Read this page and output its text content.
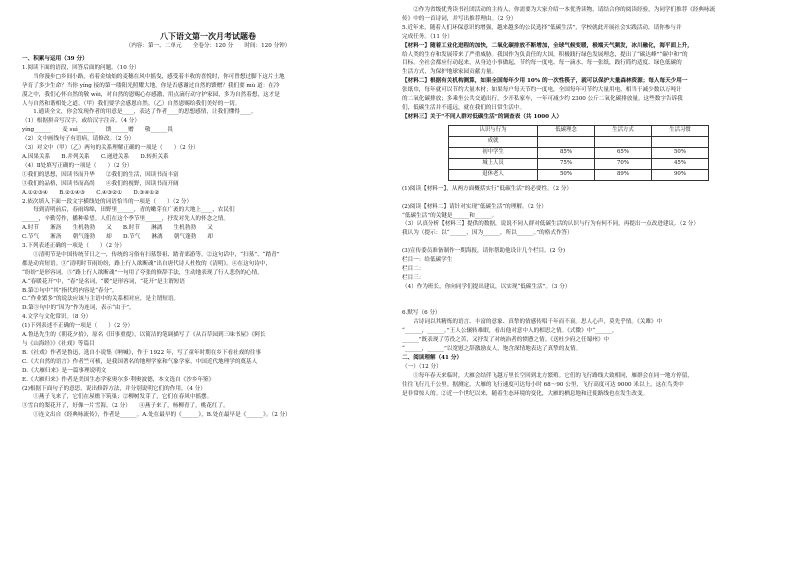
八下语文第一次月考试题卷
（内容：第一、二单元　　全卷分：120 分　　时间：120 分钟）
一、积累与运用（39 分）
1.阅读下面的语段，回答后面的问题。（10 分）
　　当你漫步□乡间小路，看着金灿灿的麦穗在风中摇曳，感受着丰收的喜悦时，你可曾想过脚下这片土地
孕育了多少生命？当你 yíng 接的第一缕阳光照耀大地，你是否感谢过自然的馈赠？我们要 mù 道：在冷
漠之中，我们心怀自然的敬 wèi，对自然的恩赐心存感激，用点滴行动守护家园，多为自然着想，这才是
人与自然和谐相处之道。（甲）我们要学会感恩自然。（乙）自然恩赐给我们美好的一切。
　　1.通读全文，你会发现作者的用意是____，表达了作者____的思想感情，让我们懂得____。
（1）根据拼音写汉字，或给汉字注音。（4 分）
yíng______　　麦 suì______　　馈______赠　　敬______畏
（2）文中画线句子有语病，请修改。（2 分）
（3）对文中（甲）（乙）两句的关系理解正确的一项是（　　）（2 分）
A.因果关系　　B.并列关系　　C.递进关系　　D.转折关系
（4）Ⅱ处填写正确的一项是（　　）（2 分）
①我们的思想，因读书而升华　　②我们的生活，因读书而丰富
③我们的品格，因读书而高尚　　④我们的视野，因读书而开阔
A.①②③④　　B.②①④③　　C.④③②①　　D.③④①②
2.依次填入下面一段文字横线处的词语恰当的一项是（　　）（2 分）
　　每到清明前后，春雨绵绵，田野里______，青的嫩芽在广袤的大地上____，农民们
______，辛勤劳作，播种希望。人们在这个季节里______，抒发对先人的怀念之情。
A.时节　　淅沥　　生机勃勃　　又　　B.时节　　淋漓　　生机勃勃　　又
C.节气　　淅沥　　朝气蓬勃　　却　　D.节气　　淋漓　　朝气蓬勃　　却
3.下列表述正确的一项是（　　）（2 分）
　　①清明节是中国传统节日之一，传统的习俗有扫墓祭祖、踏青郊游等。②这句话中，“扫墓”、“踏青”
都是动宾短语。③“清明时节雨纷纷，路上行人欲断魂”出自唐代诗人杜牧的《清明》。④在这句诗中，
“纷纷”是形容词。⑤“路上行人欲断魂”一句用了夸张的修辞手法，生动地表现了行人悲伤的心情。
A.“春暖花开”中，“春”是名词，“暖”是形容词，“花开”是主谓短语
B.第②句中“其”指代的内容是“春分”。
C.“作业繁多”的说法应该与主语中的关系相对应，是主谓短语。
D.第③句中的“因为”作为连词，表示“由于”。
4.文学与文化常识。（8 分）
(1)下列表述不正确的一项是（　　）（2 分）
A.鲁迅先生的《朝花夕拾》，原名《旧事重提》，以简洁的笔调描写了《从百草园到三味书屋》《阿长
与《山海经》》《社戏》等篇目
B.《社戏》作者是鲁迅，选自小说集《呐喊》，作于 1922 年，写了童年时期在乡下看社戏的往事
C.《大自然的语言》作者竺可桢，是我国著名的地理学家和气象学家，中国近代地理学的奠基人
D.《大雁归来》是一篇事理说明文
E.《大雁归来》作者是美国生态学家奥尔多·利奥波德，本文选自《沙乡年鉴》
(2)根据下面句子的意思，说出修辞方法，并分别说明它们的作用。（4 分）
　　①燕子飞来了，它们在屋檐下筑巢；②柳树发芽了，它们在春风中摇摆。
③雪白的梨花开了，好像一片雪海。（2 分）　　④燕子来了，杨柳青了，桃花红了。
　　①连文出自《经典咏流传》，作者是______。A.处在最早的《______》，B.处在最早是《______》。（2 分）
　　②作为省级优秀读书社团活动的主持人，你需要为大家介绍一本优秀读物，请结合你的阅读经验，为同学们推荐《经典咏流
传》中的一首诗词，并写出推荐理由。（2 分）
5.近年来，随着人们环保意识的增强，越来越多的公民选择“低碳生活”，学校就此开展社会实践活动，请你参与并
完成任务。（11 分）
【材料一】随着工业化进程的加快，二氧化碳排放不断增加，全球气候变暖，极端天气频发，冰川融化，海平面上升，
给人类的生存和发展带来了严重威胁。我国作为负责任的大国，积极践行绿色发展理念，提出了“碳达峰”“碳中和”的
目标。全社会都应行动起来，从身边小事做起，节约每一度电、每一滴水、每一张纸，践行简约适度、绿色低碳的
生活方式，为保护地球家园贡献力量。
【材料二】根据有关机构测算，如果全国每年少用 10% 的一次性筷子，就可以保护大量森林资源；每人每天少用一
张纸巾，每年就可以节约大量木材；如果每户每天节约一度电，全国每年可节约大量用电，相当于减少数以万吨计
的二氧化碳排放；多乘坐公共交通出行，少开私家车，一年可减少约 2300 公斤二氧化碳排放量。这些数字告诉我
们，低碳生活并不遥远，就在我们的日常生活中。
【材料三】关于“不同人群对低碳生活”的调查表（共 1000 人）
认识与行为	低碳理念	生活方式	生活习惯
成就			
初中学生	85%	65%	50%
城上人员	75%	70%	45%
退休老人	50%	89%	90%
(1)阅读【材料一】，从两方面概括实行“低碳生活”的必要性。（2 分）

(2)阅读【材料二】请针对实现“低碳生活”的理解。（2 分）
“低碳生活”的关键是______和______。
（3）认真分析【材料三】提供的数据，说说不同人群对低碳生活的认识与行为有何不同，再提出一点改进建议。（2 分）
我认为（提示：以“______，因为______，所以______。”的格式作答）

(3)宣传委员准备制作一期海报，请你帮助他设计几个栏目。(2 分)
栏目一：给低碳学生
栏目二：
栏目三：
（4）作为班长，你向同学们提出建议，以实现“低碳生活”。（3 分）

6.默写（6 分）
　　古诗词以其精炼的语言、丰富的意象、真挚的情感传唱千年而不衰。思人心声，莫先乎情。《关雎》中
“______，______。”王人公辗转难眠，看出他对意中人的相思之情。《式微》中“______，
______”既表现了劳役之苦，又抒发了对统治者的愤懑之情。《送杜少府之任蜀州》中
“______，______”以宽慰之辞激励友人，饱含深情地表达了真挚的友情。
二、阅读理解（41 分）
（一）（12 分）
　　①每年春天来临时，大雁会结伴飞越万里长空回到北方繁殖。它们的飞行路线大致相同，雁群会在同一地方停留，
往往飞行几千公里。据测定，大雁的飞行速度可达每小时 68～90 公里，飞行高度可达 9000 米以上，这在鸟类中
是非常惊人的。②近一个世纪以来，随着生态环境的变化，大雁的栖息地和迁徙路线也在发生改变。
